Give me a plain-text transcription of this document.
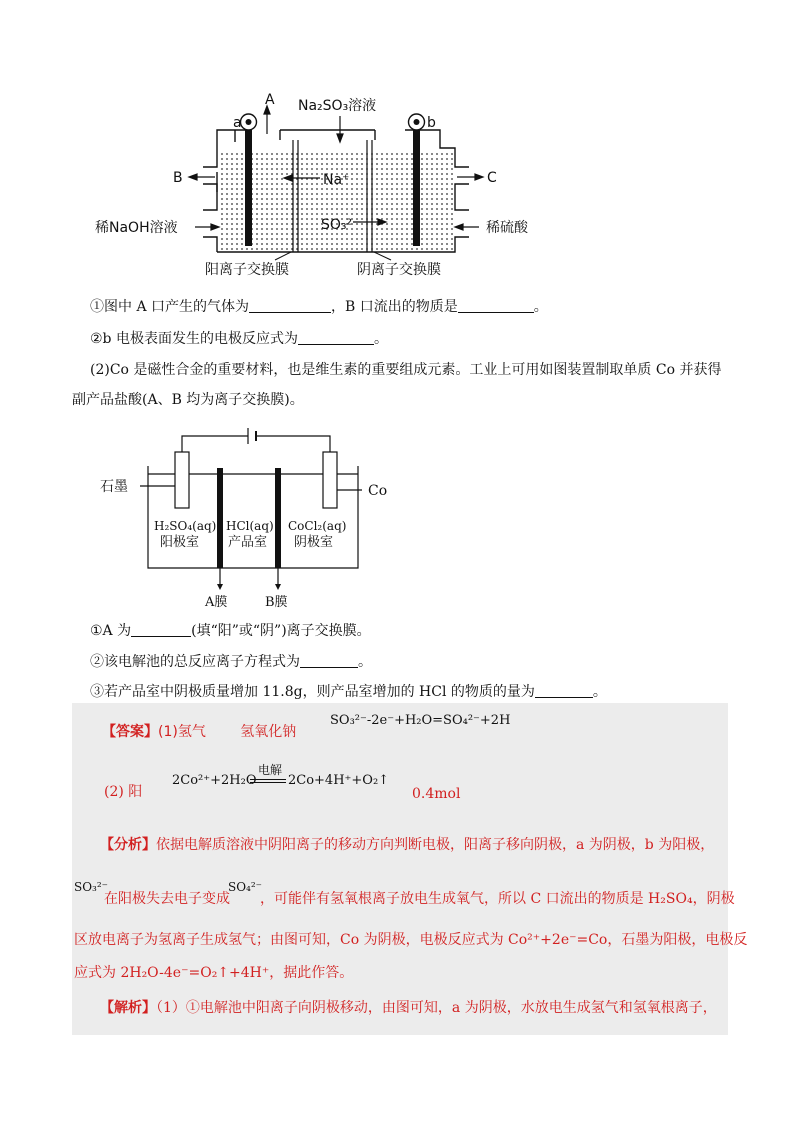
a	b
A Na₂SO₃溶液
B	C
Na⁺
SO₃²⁻
稀NaOH溶液	稀硫酸
阳离子交换膜	阴离子交换膜
①图中 A 口产生的气体为	，B 口流出的物质是	。
②b 电极表面发生的电极反应式为	。
(2)Co 是磁性合金的重要材料，也是维生素的重要组成元素。工业上可用如图装置制取单质 Co 并获得
副产品盐酸(A、B 均为离子交换膜)。
石墨	Co
H₂SO₄(aq)
阳极室
HCl(aq)
产品室
CoCl₂(aq)
阴极室
A膜	B膜
①A 为	(填“阳”或“阴”)离子交换膜。
②该电解池的总反应离子方程式为	。
③若产品室中阴极质量增加 11.8g，则产品室增加的 HCl 的物质的量为	。
【答案】(1)氢气 氢氧化钠
SO₃²⁻-2e⁻+H₂O=SO₄²⁻+2H
(2) 阳
电解
2Co²⁺+2H₂O 2Co+4H⁺+O₂↑
0.4mol
【分析】依据电解质溶液中阴阳离子的移动方向判断电极，阳离子移向阴极，a 为阴极，b 为阳极，
SO₃²⁻
在阳极失去电子变成
SO₄²⁻
，可能伴有氢氧根离子放电生成氧气，所以 C 口流出的物质是 H₂SO₄，阴极
区放电离子为氢离子生成氢气；由图可知，Co 为阴极，电极反应式为 Co²⁺+2e⁻=Co，石墨为阳极，电极反
应式为 2H₂O-4e⁻=O₂↑+4H⁺，据此作答。
【解析】（1）①电解池中阳离子向阴极移动，由图可知，a 为阴极，水放电生成氢气和氢氧根离子，
